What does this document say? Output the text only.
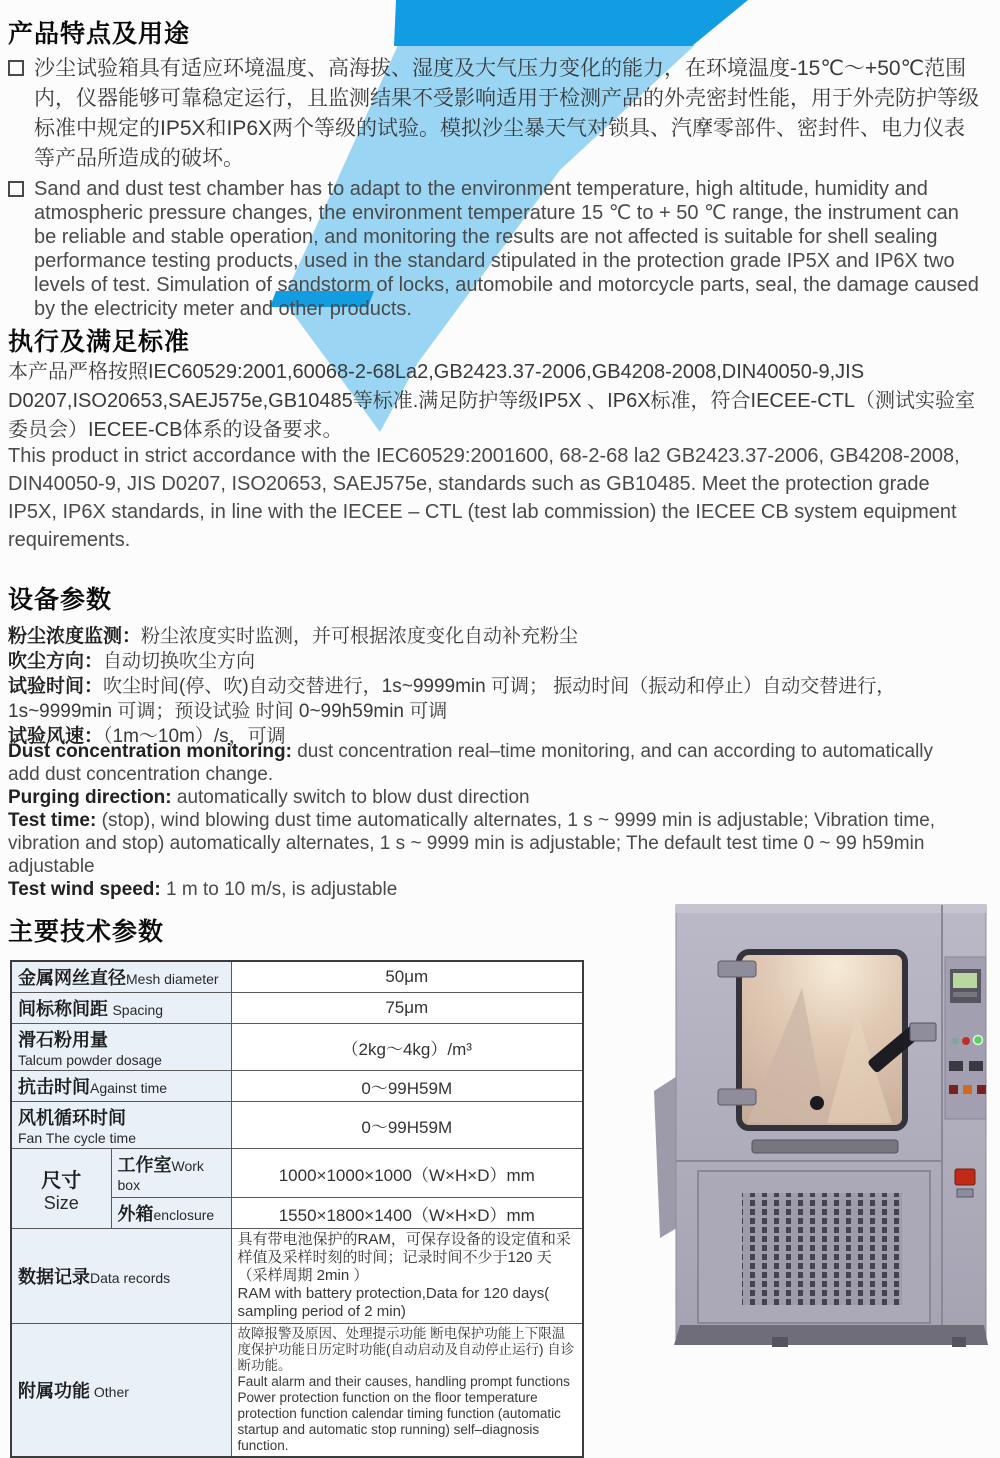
产品特点及用途
沙尘试验箱具有适应环境温度、高海拔、湿度及大气压力变化的能力，在环境温度-15℃～+50℃范围内，仪器能够可靠稳定运行，且监测结果不受影响适用于检测产品的外壳密封性能，用于外壳防护等级标准中规定的IP5X和IP6X两个等级的试验。模拟沙尘暴天气对锁具、汽摩零部件、密封件、电力仪表等产品所造成的破坏。
Sand and dust test chamber has to adapt to the environment temperature, high altitude, humidity and atmospheric pressure changes, the environment temperature 15 ℃ to + 50 ℃ range, the instrument can be reliable and stable operation, and monitoring the results are not affected is suitable for shell sealing performance testing products, used in the standard stipulated in the protection grade IP5X and IP6X two levels of test. Simulation of sandstorm of locks, automobile and motorcycle parts, seal, the damage caused by the electricity meter and other products.
执行及满足标准
本产品严格按照IEC60529:2001,60068-2-68La2,GB2423.37-2006,GB4208-2008,DIN40050-9,JIS D0207,ISO20653,SAEJ575e,GB10485等标准.满足防护等级IP5X 、IP6X标准，符合IECEE-CTL（测试实验室委员会）IECEE-CB体系的设备要求。
This product in strict accordance with the IEC60529:2001600, 68-2-68 la2 GB2423.37-2006, GB4208-2008, DIN40050-9, JIS D0207, ISO20653, SAEJ575e, standards such as GB10485. Meet the protection grade IP5X, IP6X standards, in line with the IECEE – CTL (test lab commission) the IECEE CB system equipment requirements.
设备参数
粉尘浓度监测：粉尘浓度实时监测，并可根据浓度变化自动补充粉尘
吹尘方向：自动切换吹尘方向
试验时间：吹尘时间(停、吹)自动交替进行，1s~9999min 可调； 振动时间（振动和停止）自动交替进行，1s~9999min 可调；预设试验 时间 0~99h59min 可调
试验风速：（1m～10m）/s，可调
Dust concentration monitoring: dust concentration real–time monitoring, and can according to automatically add dust concentration change.
Purging direction: automatically switch to blow dust direction
Test time: (stop), wind blowing dust time automatically alternates, 1 s ~ 9999 min is adjustable; Vibration time, vibration and stop) automatically alternates, 1 s ~ 9999 min is adjustable; The default test time 0 ~ 99 h59min adjustable
Test wind speed: 1 m to 10 m/s, is adjustable
主要技术参数
金属网丝直径Mesh diameter		50μm
间标称间距 Spacing		75μm

滑石粉用量
Talcum powder dosage		（2kg～4kg）/m³
抗击时间Against time		0～99H59M

风机循环时间
Fan The cycle time		0～99H59M

尺寸
Size	工作室Work box	1000×1000×1000（W×H×D）mm
	外箱enclosure	1550×1800×1400（W×H×D）mm
数据记录Data records		具有带电池保护的RAM，可保存设备的设定值和采样值及采样时刻的时间；记录时间不少于120 天（采样周期 2min ）
RAM with battery protection,Data for 120 days( sampling period of 2 min)

附属功能 Other		故障报警及原因、处理提示功能 断电保护功能上下限温度保护功能日历定时功能(自动启动及自动停止运行) 自诊断功能。
Fault alarm and their causes, handling prompt functions Power protection function on the floor temperature protection function calendar timing function (automatic startup and automatic stop running) self–diagnosis function.
